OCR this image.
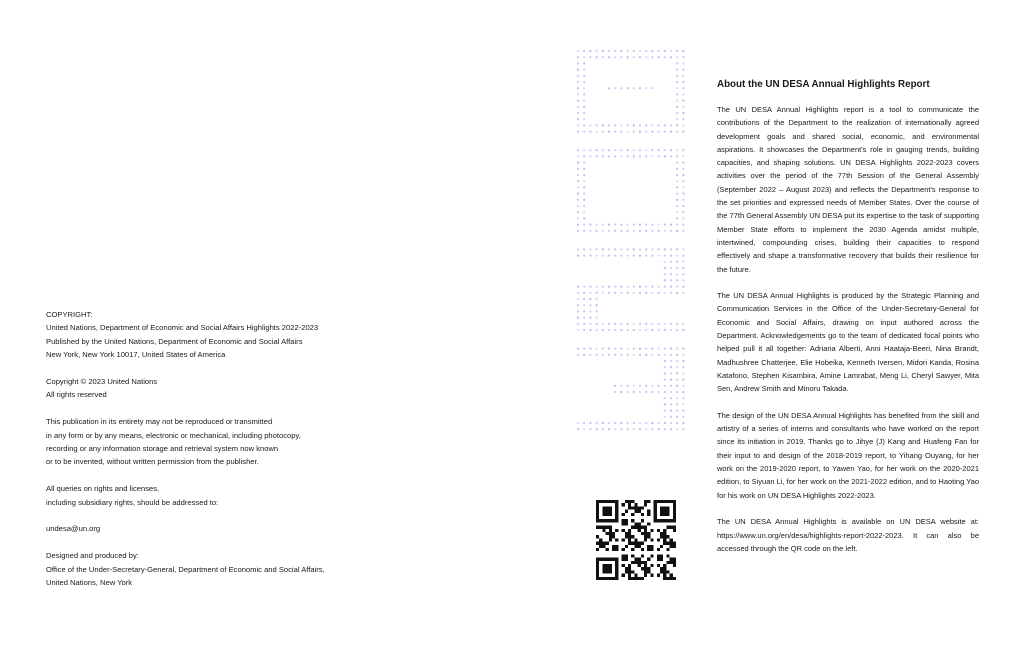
COPYRIGHT:
United Nations, Department of Economic and Social Affairs Highlights 2022-2023
Published by the United Nations, Department of Economic and Social Affairs
New York, New York 10017, United States of America

Copyright © 2023 United Nations
All rights reserved

This publication in its entirety may not be reproduced or transmitted
in any form or by any means, electronic or mechanical, including photocopy,
recording or any information storage and retrieval system now known
or to be invented, without written permission from the publisher.

All queries on rights and licenses,
including subsidiary rights, should be addressed to:

undesa@un.org

Designed and produced by:
Office of the Under-Secretary-General, Department of Economic and Social Affairs,
United Nations, New York

About the UN DESA Annual Highlights Report

The UN DESA Annual Highlights report is a tool to communicate the contributions of the Department to the realization of internationally agreed development goals and shared social, economic, and environmental aspirations. It showcases the Department's role in gauging trends, building capacities, and shaping solutions. UN DESA Highlights 2022-2023 covers activities over the period of the 77th Session of the General Assembly (September 2022 – August 2023) and reflects the Department's response to the set priorities and expressed needs of Member States. Over the course of the 77th General Assembly UN DESA put its expertise to the task of supporting Member State efforts to implement the 2030 Agenda amidst multiple, intertwined, compounding crises, building their capacities to respond effectively and shape a transformative recovery that builds their resilience for the future.

The UN DESA Annual Highlights is produced by the Strategic Planning and Communication Services in the Office of the Under-Secretary-General for Economic and Social Affairs, drawing on input authored across the Department. Acknowledgements go to the team of dedicated focal points who helped pull it all together: Adriana Alberti, Anni Haataja-Beeri, Nina Brandt, Madhushree Chatterjee, Elie Hobeika, Kenneth Iversen, Midori Kanda, Rosina Katafono, Stephen Kisambira, Amine Lamrabat, Meng Li, Cheryl Sawyer, Mita Sen, Andrew Smith and Minoru Takada.

The design of the UN DESA Annual Highlights has benefited from the skill and artistry of a series of interns and consultants who have worked on the report since its initiation in 2019. Thanks go to Jihye (J) Kang and Huafeng Fan for their input to and design of the 2018-2019 report, to Yihang Ouyang, for her work on the 2019-2020 report, to Yawen Yao, for her work on the 2020-2021 edition, to Siyuan Li, for her work on the 2021-2022 edition, and to Haoting Yao for his work on UN DESA Highlights 2022-2023.

The UN DESA Annual Highlights is available on UN DESA website at: https://www.un.org/en/desa/highlights-report-2022-2023. It can also be accessed through the QR code on the left.
